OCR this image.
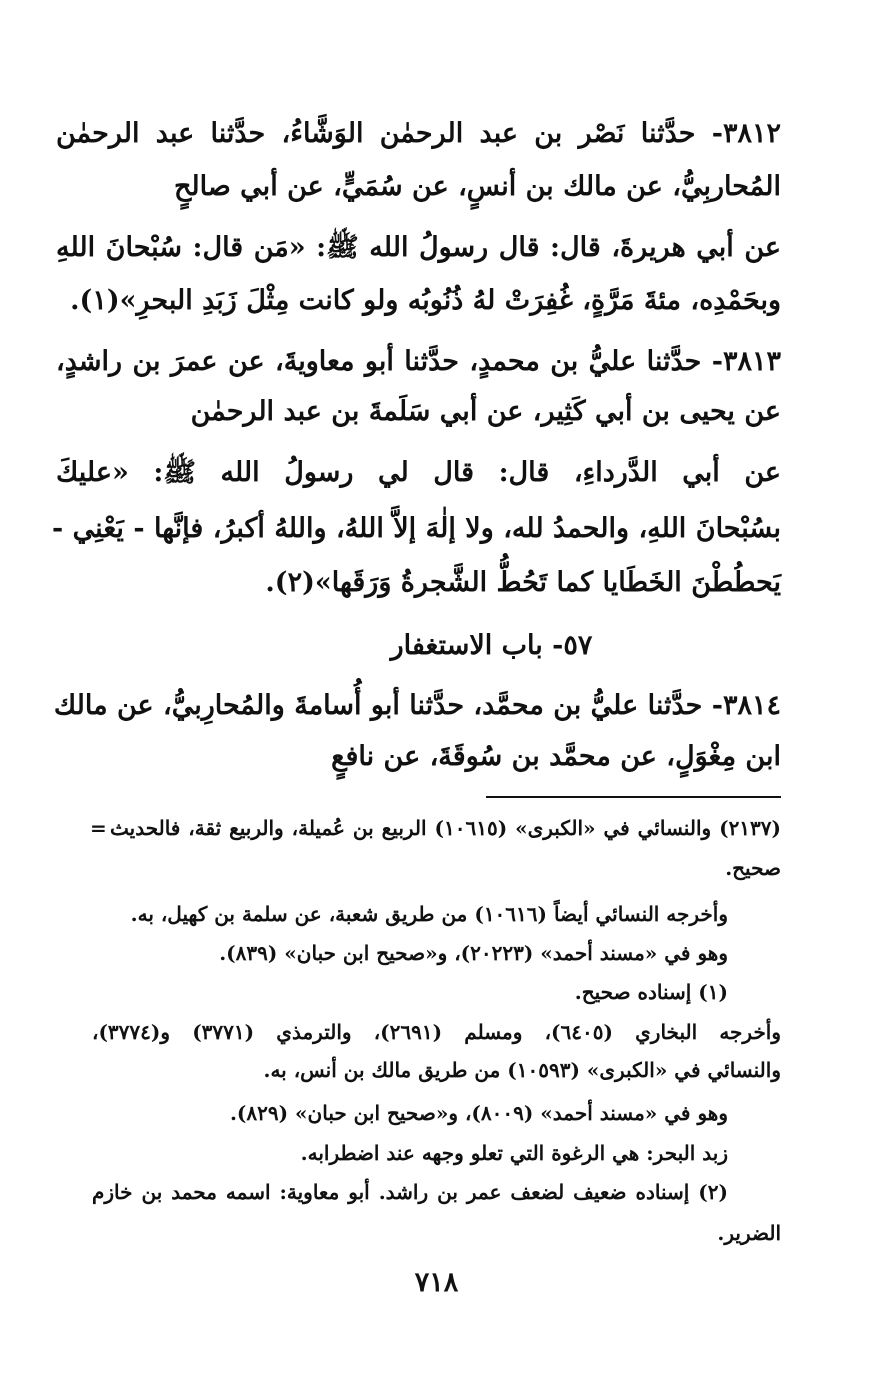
٣٨١٢- حدَّثنا نَصْر بن عبد الرحمٰن الوَشَّاءُ، حدَّثنا عبد الرحمٰن
المُحاربِيُّ، عن مالك بن أنسٍ، عن سُمَيٍّ، عن أبي صالحٍ
عن أبي هريرةَ، قال: قال رسولُ الله ﷺ: «مَن قال: سُبْحانَ اللهِ
وبحَمْدِه، مئةَ مَرَّةٍ، غُفِرَتْ لهُ ذُنُوبُه ولو كانت مِثْلَ زَبَدِ البحرِ»(١).
٣٨١٣- حدَّثنا عليُّ بن محمدٍ، حدَّثنا أبو معاويةَ، عن عمرَ بن راشدٍ،
عن يحيى بن أبي كَثِير، عن أبي سَلَمةَ بن عبد الرحمٰن
عن أبي الدَّرداءِ، قال: قال لي رسولُ الله ﷺ: «عليكَ
بسُبْحانَ اللهِ، والحمدُ لله، ولا إلٰهَ إلاَّ اللهُ، واللهُ أكبرُ، فإنَّها - يَعْنِي -
يَحطُطْنَ الخَطَايا كما تَحُطُّ الشَّجرةُ وَرَقَها»(٢).
٥٧- باب الاستغفار
٣٨١٤- حدَّثنا عليُّ بن محمَّد، حدَّثنا أبو أُسامةَ والمُحارِبيُّ، عن مالك
ابن مِغْوَلٍ، عن محمَّد بن سُوقَةَ، عن نافعٍ
= (٢١٣٧) والنسائي في «الكبرى» (١٠٦١٥) الربيع بن عُميلة، والربيع ثقة، فالحديث
صحيح.
وأخرجه النسائي أيضاً (١٠٦١٦) من طريق شعبة، عن سلمة بن كهيل، به.
وهو في «مسند أحمد» (٢٠٢٢٣)، و«صحيح ابن حبان» (٨٣٩).
(١) إسناده صحيح.
وأخرجه البخاري (٦٤٠٥)، ومسلم (٢٦٩١)، والترمذي (٣٧٧١) و(٣٧٧٤)،
والنسائي في «الكبرى» (١٠٥٩٣) من طريق مالك بن أنس، به.
وهو في «مسند أحمد» (٨٠٠٩)، و«صحيح ابن حبان» (٨٢٩).
زبد البحر: هي الرغوة التي تعلو وجهه عند اضطرابه.
(٢) إسناده ضعيف لضعف عمر بن راشد. أبو معاوية: اسمه محمد بن خازم
الضرير.
٧١٨
